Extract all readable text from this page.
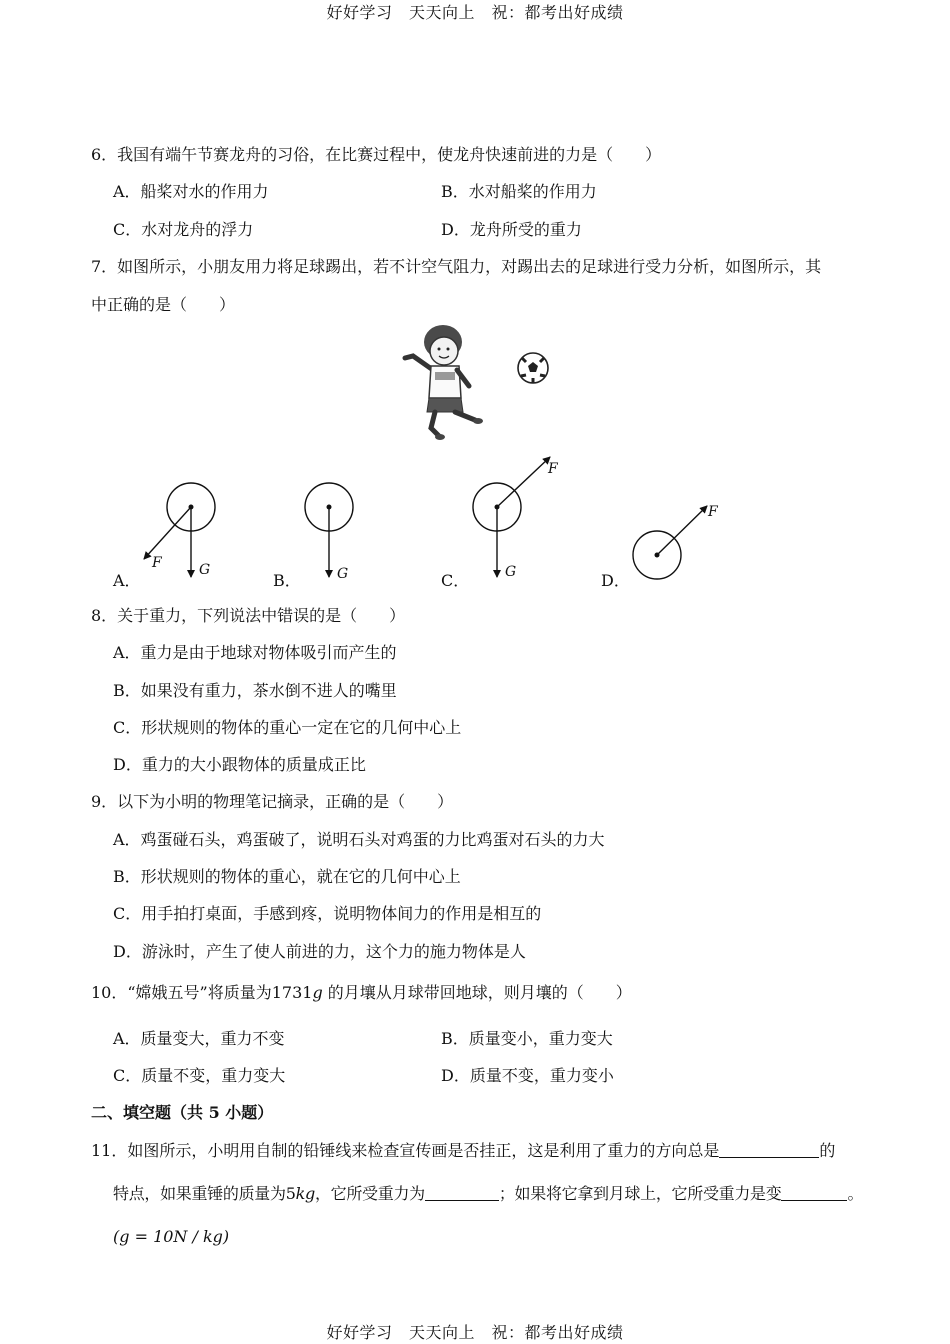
好好学习　天天向上　祝：都考出好成绩
6．我国有端午节赛龙舟的习俗，在比赛过程中，使龙舟快速前进的力是（　　）
A．船桨对水的作用力	B．水对船桨的作用力
C．水对龙舟的浮力	D．龙舟所受的重力
7．如图所示，小朋友用力将足球踢出，若不计空气阻力，对踢出去的足球进行受力分析，如图所示，其
中正确的是（　　）
F	G	G
F
G
F
A．	B．	C．	D．
8．关于重力，下列说法中错误的是（　　）
A．重力是由于地球对物体吸引而产生的
B．如果没有重力，茶水倒不进人的嘴里
C．形状规则的物体的重心一定在它的几何中心上
D．重力的大小跟物体的质量成正比
9．以下为小明的物理笔记摘录，正确的是（　　）
A．鸡蛋碰石头，鸡蛋破了，说明石头对鸡蛋的力比鸡蛋对石头的力大
B．形状规则的物体的重心，就在它的几何中心上
C．用手拍打桌面，手感到疼，说明物体间力的作用是相互的
D．游泳时，产生了使人前进的力，这个力的施力物体是人
10．“嫦娥五号”将质量为1731g 的月壤从月球带回地球，则月壤的（　　）
A．质量变大，重力不变	B．质量变小，重力变大
C．质量不变，重力变大	D．质量不变，重力变小
二、填空题（共 5 小题）
11．如图所示，小明用自制的铅锤线来检查宣传画是否挂正，这是利用了重力的方向总是	的
特点，如果重锤的质量为5kg，它所受重力为	；如果将它拿到月球上，它所受重力是变	。
(g = 10N / kg)
好好学习　天天向上　祝：都考出好成绩
